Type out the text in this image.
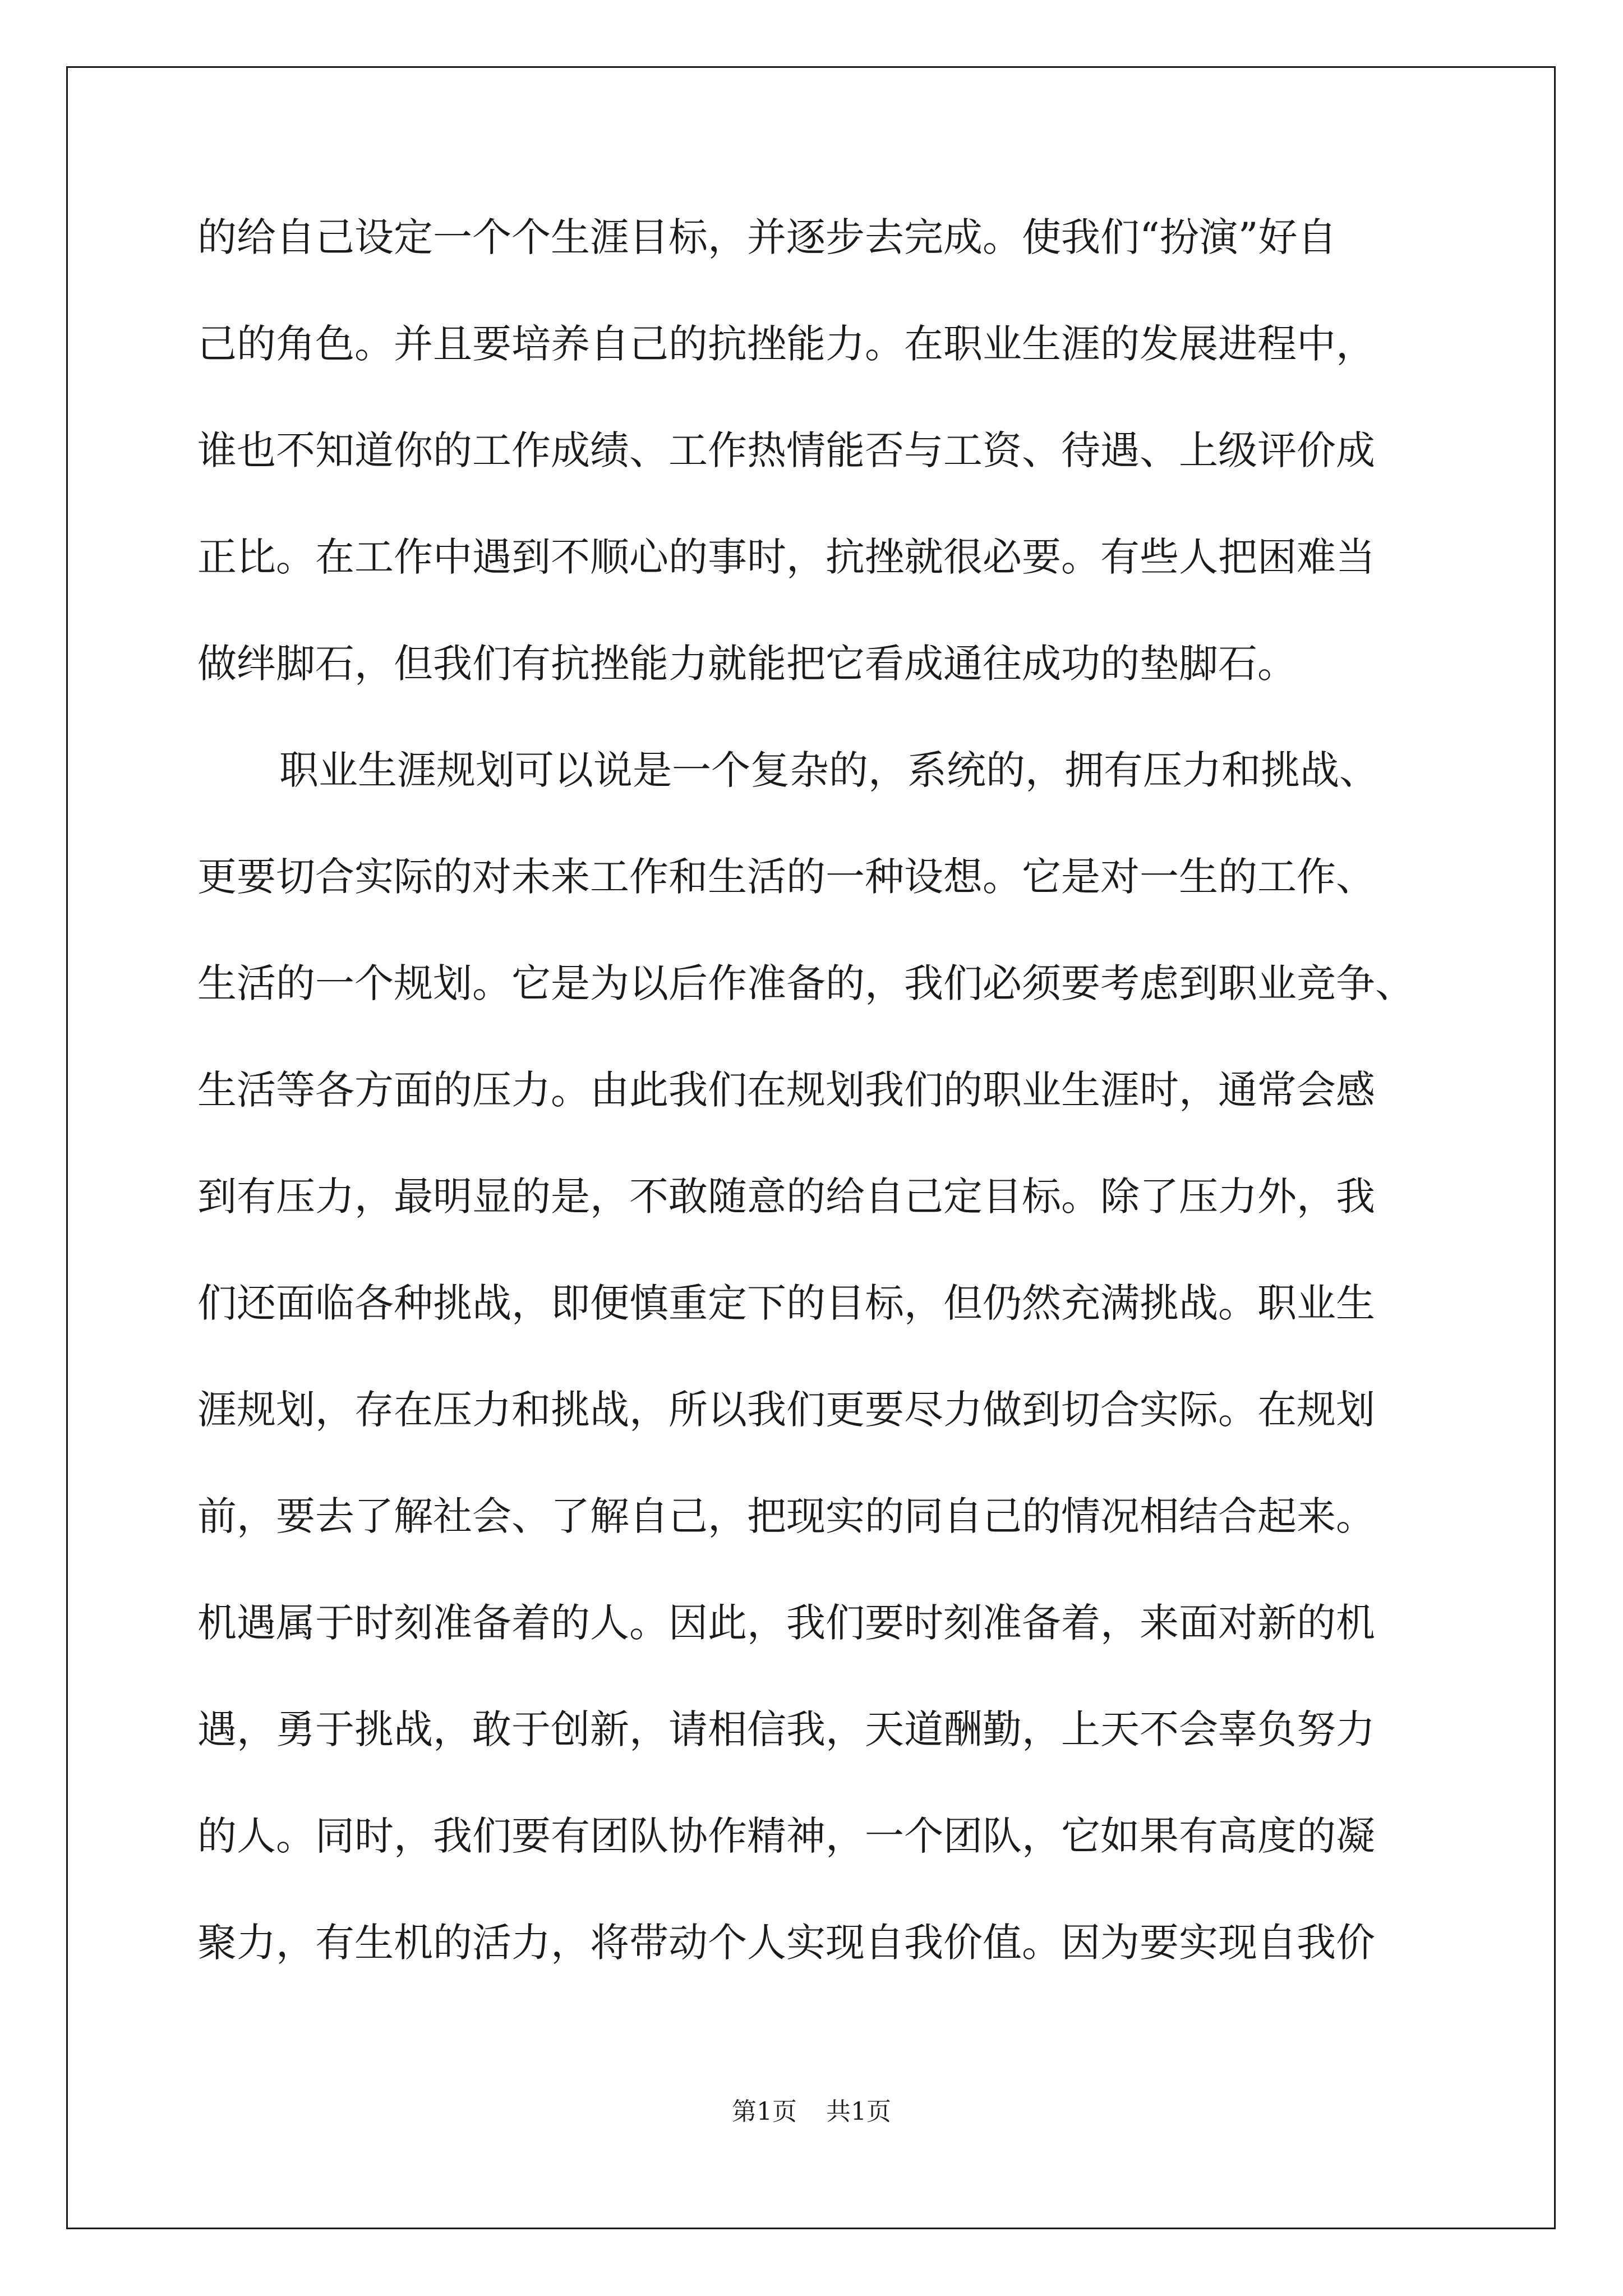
的给自己设定一个个生涯目标，并逐步去完成。使我们“扮演”好自
己的角色。并且要培养自己的抗挫能力。在职业生涯的发展进程中，
谁也不知道你的工作成绩、工作热情能否与工资、待遇、上级评价成
正比。在工作中遇到不顺心的事时，抗挫就很必要。有些人把困难当
做绊脚石，但我们有抗挫能力就能把它看成通往成功的垫脚石。
职业生涯规划可以说是一个复杂的，系统的，拥有压力和挑战、
更要切合实际的对未来工作和生活的一种设想。它是对一生的工作、
生活的一个规划。它是为以后作准备的，我们必须要考虑到职业竞争、
生活等各方面的压力。由此我们在规划我们的职业生涯时，通常会感
到有压力，最明显的是，不敢随意的给自己定目标。除了压力外，我
们还面临各种挑战，即便慎重定下的目标，但仍然充满挑战。职业生
涯规划，存在压力和挑战，所以我们更要尽力做到切合实际。在规划
前，要去了解社会、了解自己，把现实的同自己的情况相结合起来。
机遇属于时刻准备着的人。因此，我们要时刻准备着，来面对新的机
遇，勇于挑战，敢于创新，请相信我，天道酬勤，上天不会辜负努力
的人。同时，我们要有团队协作精神，一个团队，它如果有高度的凝
聚力，有生机的活力，将带动个人实现自我价值。因为要实现自我价
第1页 共1页
